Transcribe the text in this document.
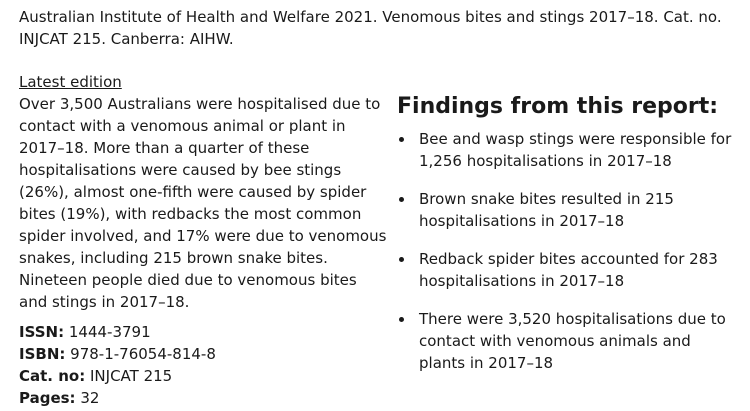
Australian Institute of Health and Welfare 2021. Venomous bites and stings 2017–18. Cat. no. INJCAT 215. Canberra: AIHW.
Latest edition

Over 3,500 Australians were hospitalised due to contact with a venomous animal or plant in 2017–18. More than a quarter of these hospitalisations were caused by bee stings (26%), almost one-fifth were caused by spider bites (19%), with redbacks the most common spider involved, and 17% were due to venomous snakes, including 215 brown snake bites. Nineteen people died due to venomous bites and stings in 2017–18.

ISSN: 1444-3791
ISBN: 978-1-76054-814-8
Cat. no: INJCAT 215
Pages: 32
Findings from this report:
Bee and wasp stings were responsible for 1,256 hospitalisations in 2017–18
Brown snake bites resulted in 215 hospitalisations in 2017–18
Redback spider bites accounted for 283 hospitalisations in 2017–18
There were 3,520 hospitalisations due to contact with venomous animals and plants in 2017–18
